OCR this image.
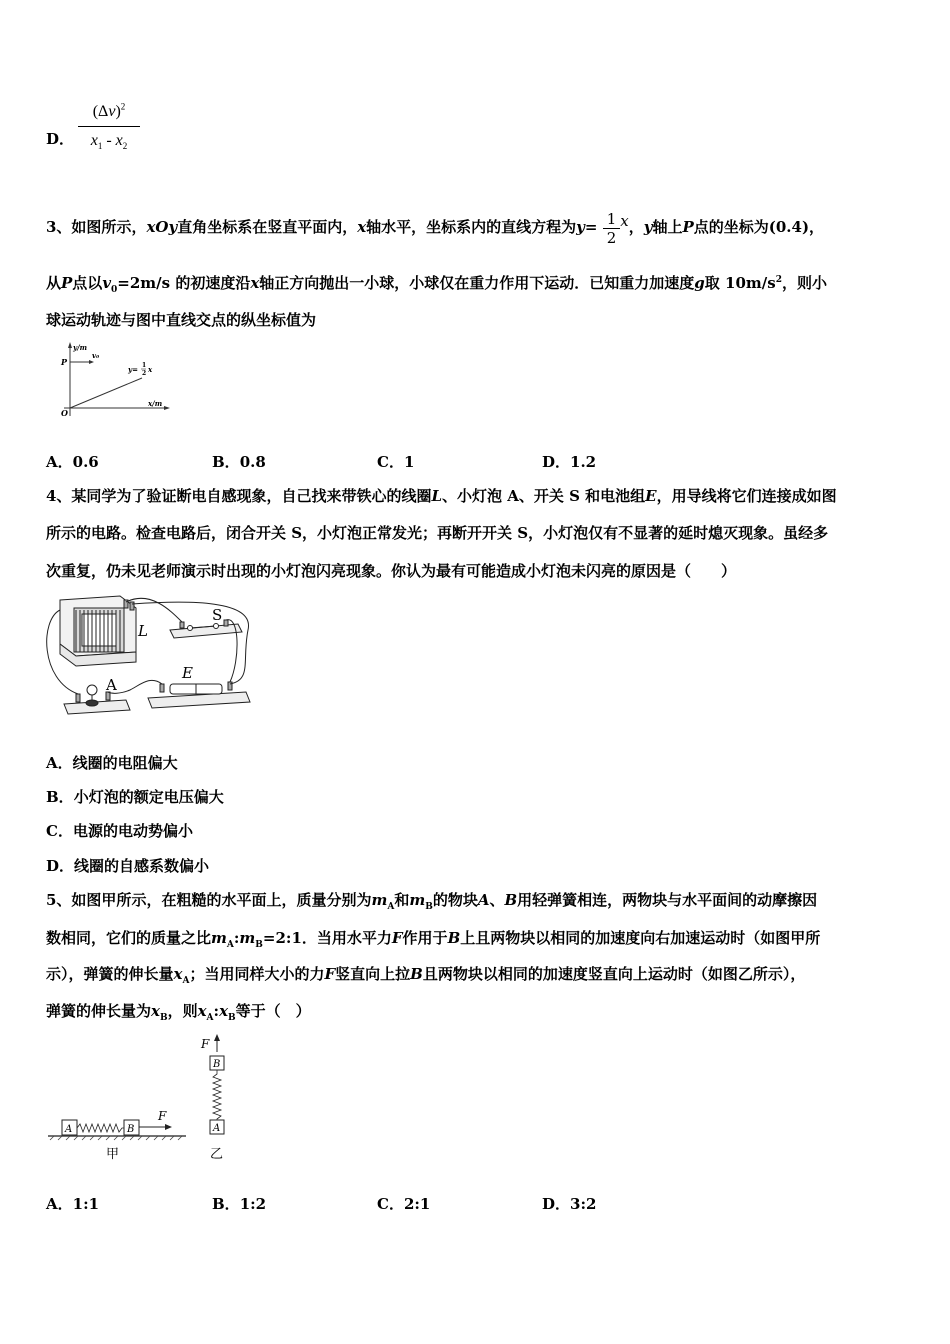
D．
$(\Delta v)^2$
$x_1 - x_2$
3、如图所示，xOy直角坐标系在竖直平面内，x轴水平，坐标系内的直线方程为$y= \frac{1}{2}$ x，y轴上P点的坐标为(0.4)，
从P点以$v_0=2m/s$ 的初速度沿x轴正方向抛出一小球，小球仅在重力作用下运动．已知重力加速度g取 $10m/s^2$，则小
球运动轨迹与图中直线交点的纵坐标值为
y/m
x/m
P
O
v₀
y= 1
2 x
A．0.6	B．0.8	C．1	D．1.2
4、某同学为了验证断电自感现象，自己找来带铁心的线圈L、小灯泡 A、开关 S 和电池组E，用导线将它们连接成如图
所示的电路。检查电路后，闭合开关 S，小灯泡正常发光；再断开开关 S，小灯泡仅有不显著的延时熄灭现象。虽经多
次重复，仍未见老师演示时出现的小灯泡闪亮现象。你认为最有可能造成小灯泡未闪亮的原因是（　　）
S
L
E
A
A．线圈的电阻偏大
B．小灯泡的额定电压偏大
C．电源的电动势偏小
D．线圈的自感系数偏小
5、如图甲所示，在粗糙的水平面上，质量分别为$m_A$和$m_B$的物块A、B用轻弹簧相连，两物块与水平面间的动摩擦因
数相同，它们的质量之比$m_A:m_B=2:1$．当用水平力F作用于B上且两物块以相同的加速度向右加速运动时（如图甲所
示），弹簧的伸长量$x_A$；当用同样大小的力F竖直向上拉B且两物块以相同的加速度竖直向上运动时（如图乙所示），
弹簧的伸长量为$x_B$，则$x_A:x_B$等于（　）
A	B
F
甲
F
B
A
乙
A．1:1	B．1:2	C．2:1	D．3:2
